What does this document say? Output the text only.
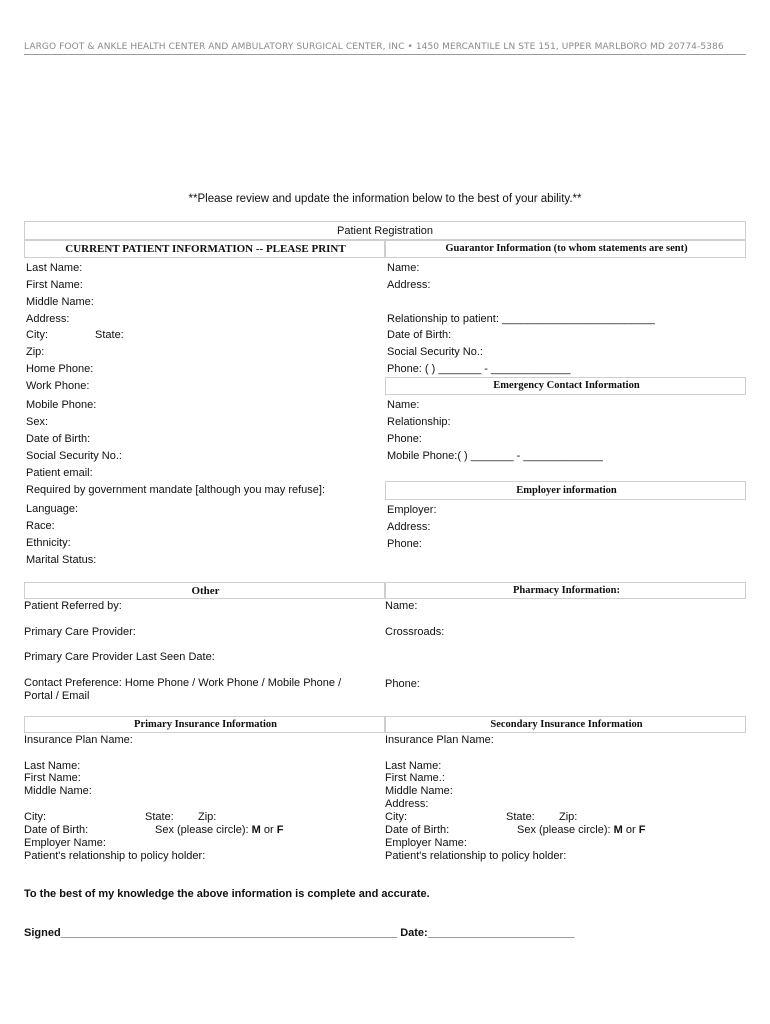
LARGO FOOT & ANKLE HEALTH CENTER AND AMBULATORY SURGICAL CENTER, INC • 1450 MERCANTILE LN STE 151, UPPER MARLBORO MD 20774-5386
**Please review and update the information below to the best of your ability.**
Patient Registration
CURRENT PATIENT INFORMATION -- PLEASE PRINT	Guarantor Information (to whom statements are sent)
Last Name:
First Name:
Middle Name:
Address:
City:	State:
Zip:
Home Phone:
Work Phone:
Mobile Phone:
Sex:
Date of Birth:
Social Security No.:
Patient email:
Required by government mandate [although you may refuse]:
Language:
Race:
Ethnicity:
Marital Status:
Name:
Address:
Relationship to patient: _________________________
Date of Birth:
Social Security No.:
Phone: ( ) _______ - _____________
Emergency Contact Information
Name:
Relationship:
Phone:
Mobile Phone:( ) _______ - _____________
Employer information
Employer:
Address:
Phone:
Other	Pharmacy Information:
Patient Referred by:
Primary Care Provider:
Primary Care Provider Last Seen Date:
Contact Preference: Home Phone / Work Phone / Mobile Phone /
Portal / Email
Name:
Crossroads:
Phone:
Primary Insurance Information	Secondary Insurance Information
Insurance Plan Name:
Last Name:
First Name:
Middle Name:
City:	State: Zip:
Date of Birth:	Sex (please circle): M or F
Employer Name:
Patient's relationship to policy holder:
Insurance Plan Name:
Last Name:
First Name.:
Middle Name:
Address:
City:	State: Zip:
Date of Birth:	Sex (please circle): M or F
Employer Name:
Patient's relationship to policy holder:
To the best of my knowledge the above information is complete and accurate.
Signed_______________________________________________________ Date:________________________
